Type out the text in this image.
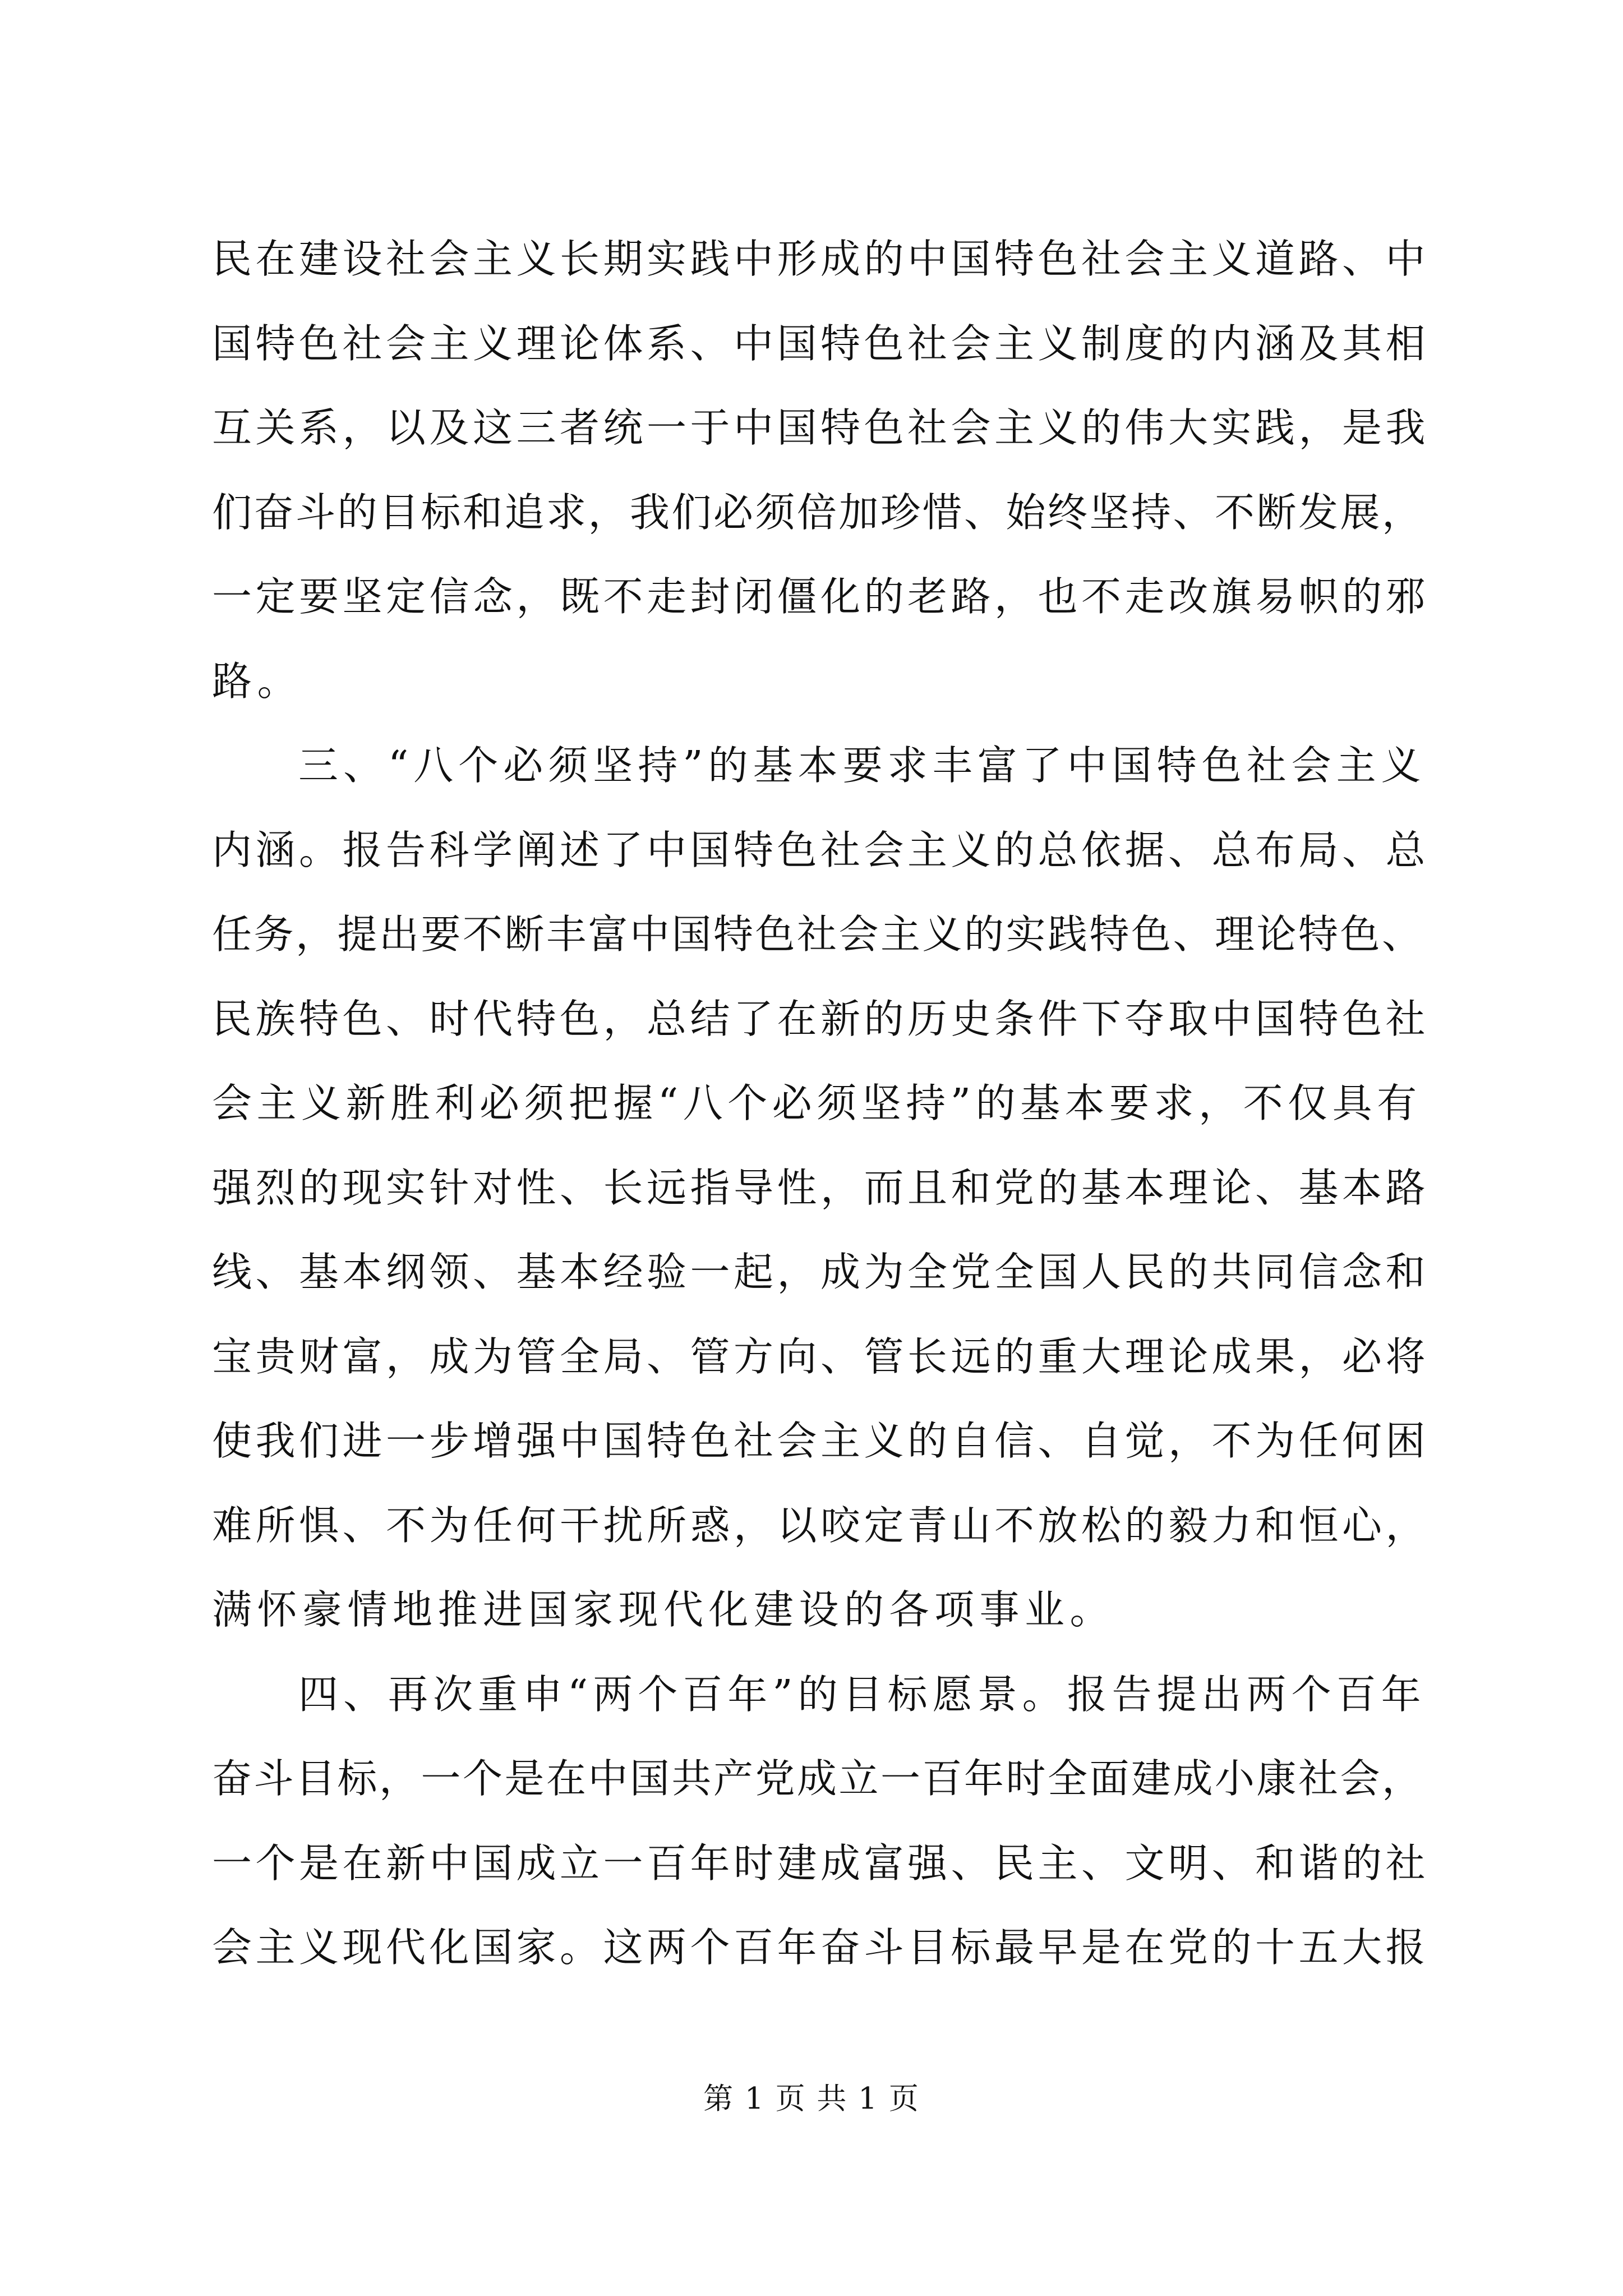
民在建设社会主义长期实践中形成的中国特色社会主义道路、中
国特色社会主义理论体系、中国特色社会主义制度的内涵及其相
互关系，以及这三者统一于中国特色社会主义的伟大实践，是我
们奋斗的目标和追求，我们必须倍加珍惜、始终坚持、不断发展，
一定要坚定信念，既不走封闭僵化的老路，也不走改旗易帜的邪
路。
三、“八个必须坚持”的基本要求丰富了中国特色社会主义
内涵。报告科学阐述了中国特色社会主义的总依据、总布局、总
任务，提出要不断丰富中国特色社会主义的实践特色、理论特色、
民族特色、时代特色，总结了在新的历史条件下夺取中国特色社
会主义新胜利必须把握“八个必须坚持”的基本要求，不仅具有
强烈的现实针对性、长远指导性，而且和党的基本理论、基本路
线、基本纲领、基本经验一起，成为全党全国人民的共同信念和
宝贵财富，成为管全局、管方向、管长远的重大理论成果，必将
使我们进一步增强中国特色社会主义的自信、自觉，不为任何困
难所惧、不为任何干扰所惑，以咬定青山不放松的毅力和恒心，
满怀豪情地推进国家现代化建设的各项事业。
四、再次重申“两个百年”的目标愿景。报告提出两个百年
奋斗目标，一个是在中国共产党成立一百年时全面建成小康社会，
一个是在新中国成立一百年时建成富强、民主、文明、和谐的社
会主义现代化国家。这两个百年奋斗目标最早是在党的十五大报
第 1 页 共 1 页
